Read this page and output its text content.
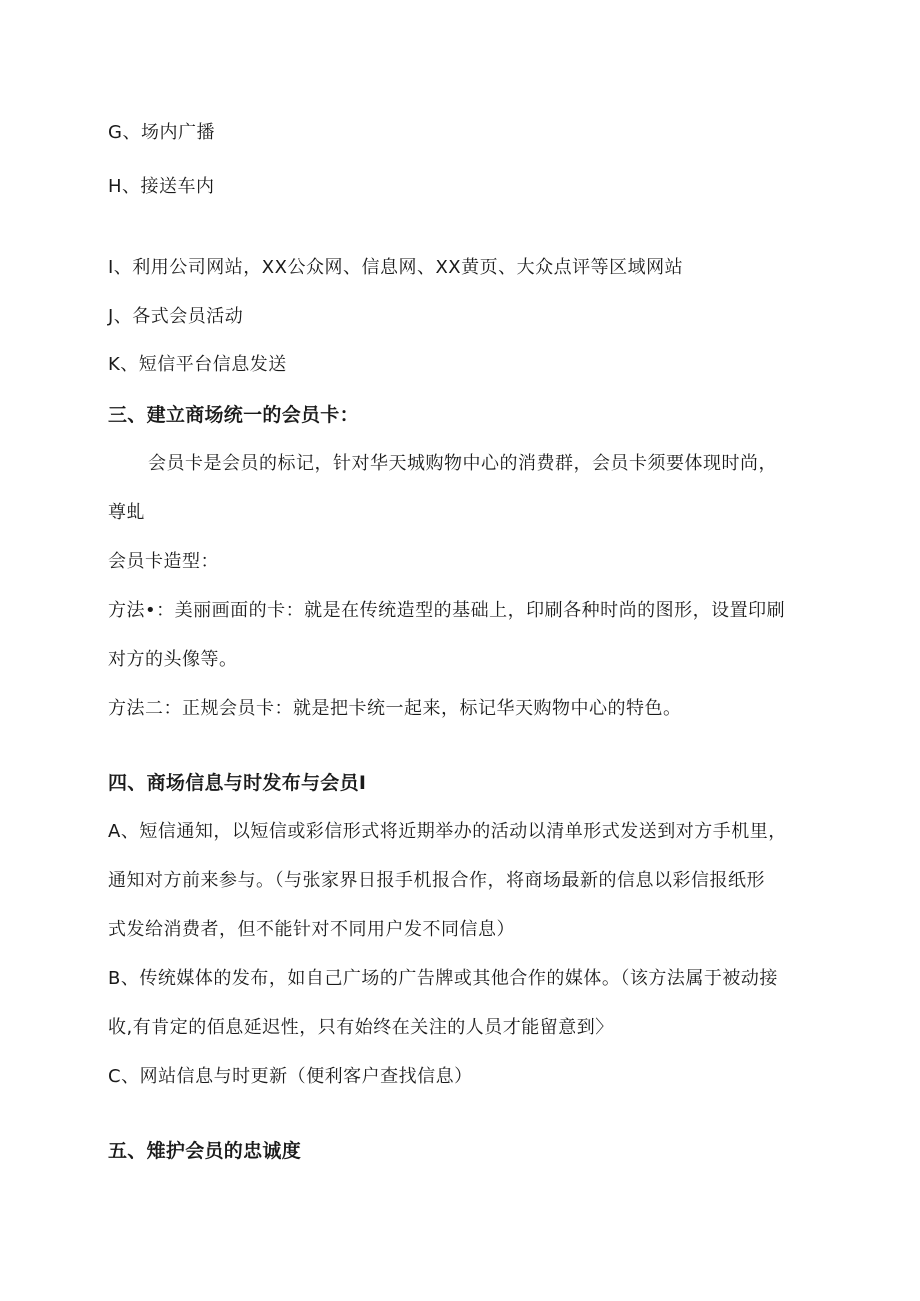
G、场内广播
H、接送车内
I、利用公司网站，XX公众网、信息网、XX黄页、大众点评等区域网站
J、各式会员活动
K、短信平台信息发送
三、建立商场统一的会员卡：
会员卡是会员的标记，针对华天城购物中心的消费群，会员卡须要体现时尚，
尊虬
会员卡造型：
方法•：美丽画面的卡：就是在传统造型的基础上，印刷各种时尚的图形，设置印刷
对方的头像等。
方法二：正规会员卡：就是把卡统一起来，标记华天购物中心的特色。
四、商场信息与时发布与会员I
A、短信通知，以短信或彩信形式将近期举办的活动以清单形式发送到对方手机里，
通知对方前来参与。（与张家界日报手机报合作，将商场最新的信息以彩信报纸形
式发给消费者，但不能针对不同用户发不同信息）
B、传统媒体的发布，如自己广场的广告牌或其他合作的媒体。（该方法属于被动接
收,有肯定的佰息延迟性，只有始终在关注的人员才能留意到〉
C、网站信息与时更新（便利客户查找信息）
五、雉护会员的忠诚度
